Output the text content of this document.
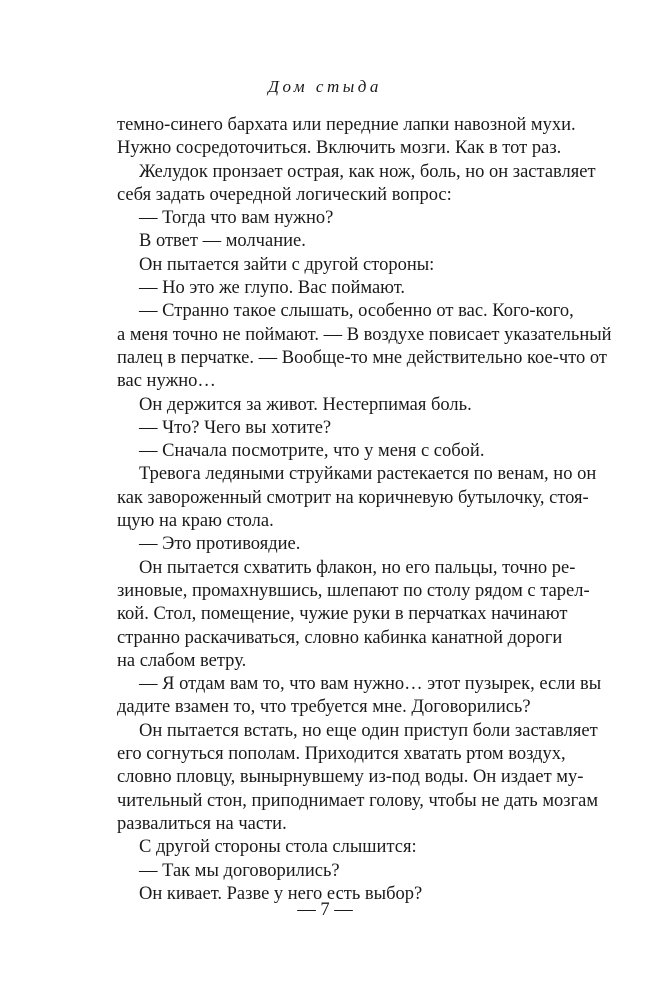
Дом стыда
темно-синего бархата или передние лапки навозной мухи.
Нужно сосредоточиться. Включить мозги. Как в тот раз.
Желудок пронзает острая, как нож, боль, но он заставляет
себя задать очередной логический вопрос:
— Тогда что вам нужно?
В ответ — молчание.
Он пытается зайти с другой стороны:
— Но это же глупо. Вас поймают.
— Странно такое слышать, особенно от вас. Кого-кого,
а меня точно не поймают. — В воздухе повисает указательный
палец в перчатке. — Вообще-то мне действительно кое-что от
вас нужно…
Он держится за живот. Нестерпимая боль.
— Что? Чего вы хотите?
— Сначала посмотрите, что у меня с собой.
Тревога ледяными струйками растекается по венам, но он
как завороженный смотрит на коричневую бутылочку, стоя-
щую на краю стола.
— Это противоядие.
Он пытается схватить флакон, но его пальцы, точно ре-
зиновые, промахнувшись, шлепают по столу рядом с тарел-
кой. Стол, помещение, чужие руки в перчатках начинают
странно раскачиваться, словно кабинка канатной дороги
на слабом ветру.
— Я отдам вам то, что вам нужно… этот пузырек, если вы
дадите взамен то, что требуется мне. Договорились?
Он пытается встать, но еще один приступ боли заставляет
его согнуться пополам. Приходится хватать ртом воздух,
словно пловцу, вынырнувшему из-под воды. Он издает му-
чительный стон, приподнимает голову, чтобы не дать мозгам
развалиться на части.
С другой стороны стола слышится:
— Так мы договорились?
Он кивает. Разве у него есть выбор?
— 7 —
